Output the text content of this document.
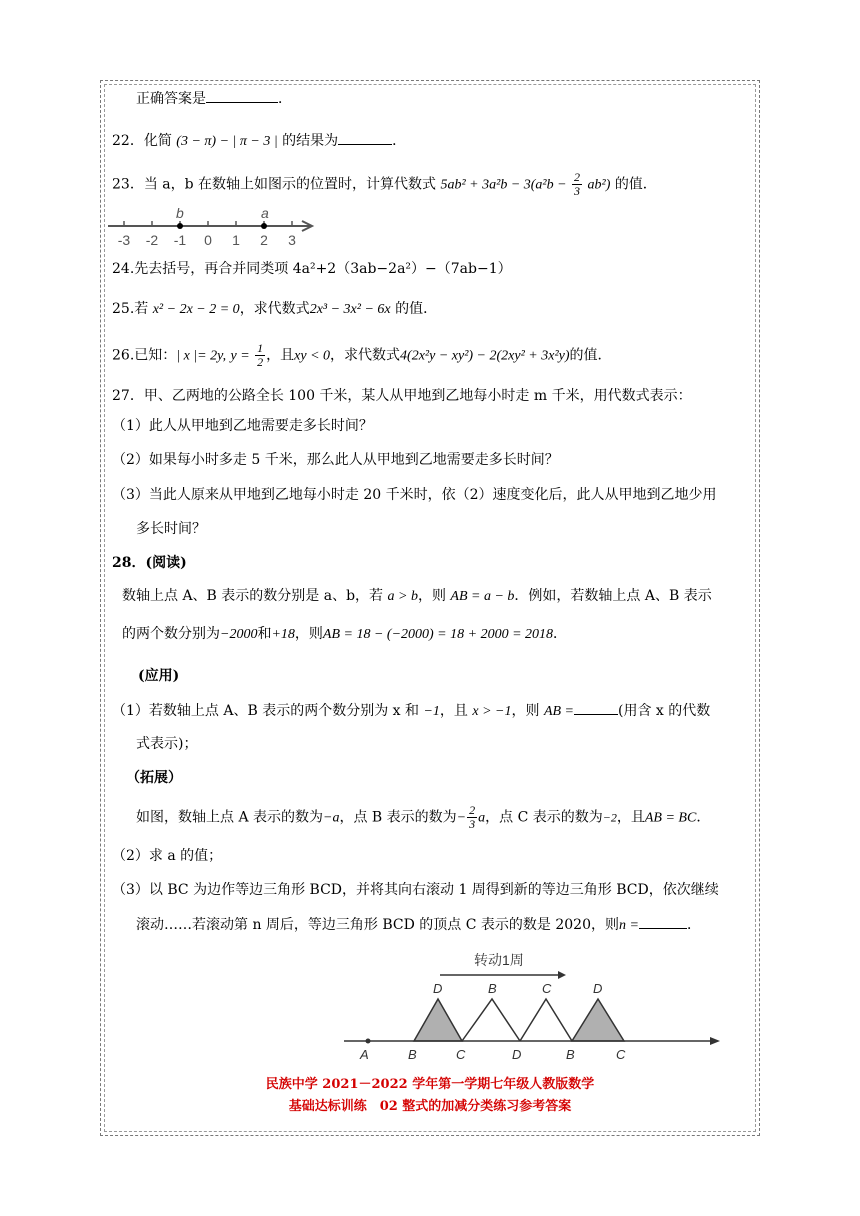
正确答案是	．
22．化简 (3 − π) − | π − 3 | 的结果为	．
23．当 a，b 在数轴上如图示的位置时，计算代数式 $5ab^2 + 3a^2b - 3(a^2b - \frac{2}{3} ab^2)$ 的值．
-3 -2 -1 0 1 2 3
b	a
24.先去括号，再合并同类项 4a²+2（3ab−2a²）−（7ab−1）
25.若 x² − 2x − 2 = 0，求代数式2x³ − 3x² − 6x 的值．
26.已知：| x |= 2y, $y = \frac{1}{2}$ ，且xy < 0，求代数式4(2x²y − xy²) − 2(2xy² + 3x²y)的值．
27．甲、乙两地的公路全长 100 千米，某人从甲地到乙地每小时走 m 千米，用代数式表示：
（1）此人从甲地到乙地需要走多长时间？
（2）如果每小时多走 5 千米，那么此人从甲地到乙地需要走多长时间？
（3）当此人原来从甲地到乙地每小时走 20 千米时，依（2）速度变化后，此人从甲地到乙地少用
多长时间？
28．(阅读)
数轴上点 A、B 表示的数分别是 a、b，若 a > b，则 AB = a − b．例如，若数轴上点 A、B 表示
的两个数分别为−2000和+18，则AB = 18 − (−2000) = 18 + 2000 = 2018．
(应用)
（1）若数轴上点 A、B 表示的两个数分别为 x 和 −1，且 x > −1，则 AB =	(用含 x 的代数
式表示)；
（拓展）
如图，数轴上点 A 表示的数为−a，点 B 表示的数为− $\frac{2}{3}$ a，点 C 表示的数为−2，且AB = BC．
（2）求 a 的值；
（3）以 BC 为边作等边三角形 BCD，并将其向右滚动 1 周得到新的等边三角形 BCD，依次继续
滚动……若滚动第 n 周后，等边三角形 BCD 的顶点 C 表示的数是 2020，则n =	．
转动1周
D	B	C	D
A	B	C	D	B	C
民族中学 2021－2022 学年第一学期七年级人教版数学
基础达标训练　02 整式的加减分类练习参考答案
